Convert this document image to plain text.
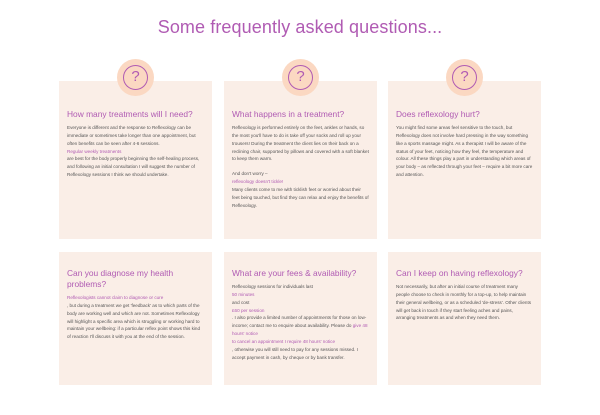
Some frequently asked questions...
?
How many treatments will I need?

Everyone is different and the response to Reflexology can be immediate or sometimes take longer than one appointment, but often benefits can be seen after 4-6 sessions.
Regular weekly treatments
are best for the body properly beginning the self-healing process, and following an initial consultation I will suggest the number of Reflexology sessions I think we should undertake.

?
What happens in a treatment?

Reflexology is performed entirely on the feet, ankles or hands, so the most you'll have to do is take off your socks and roll up your trousers! During the treatment the client lies on their back on a reclining chair, supported by pillows and covered with a soft blanket to keep them warm.

And don't worry –
reflexology doesn't tickle!
Many clients come to me with ticklish feet or worried about their feet being touched, but find they can relax and enjoy the benefits of Reflexology.

?
Does reflexology hurt?

You might find some areas feel sensitive to the touch, but Reflexology does not involve hard pressing in the way something like a sports massage might. As a therapist I will be aware of the status of your feet, noticing how they feel, the temperature and colour. All these things play a part in understanding which areas of your body – as reflected through your feet – require a bit more care and attention.

Can you diagnose my health problems?

Reflexologists cannot claim to diagnose or cure
, but during a treatment we get 'feedback' as to which parts of the body are working well and which are not. Sometimes Reflexology will highlight a specific area which is struggling or working hard to maintain your wellbeing: if a particular reflex point shows this kind of reaction I'll discuss it with you at the end of the session.

What are your fees & availability?

Reflexology sessions for individuals last
50 minutes
and cost
£60 per session
. I also provide a limited number of appointments for those on low-income; contact me to enquire about availability. Please do give 48 hours' notice
to cancel an appointment I require 48 hours' notice
, otherwise you will still need to pay for any sessions missed. I accept payment in cash, by cheque or by bank transfer.

Can I keep on having reflexology?

Not necessarily, but after an initial course of treatment many people choose to check in monthly for a top-up, to help maintain their general wellbeing, or as a scheduled 'de-stress'. Other clients will get back in touch if they start feeling aches and pains, arranging treatments as and when they need them.
